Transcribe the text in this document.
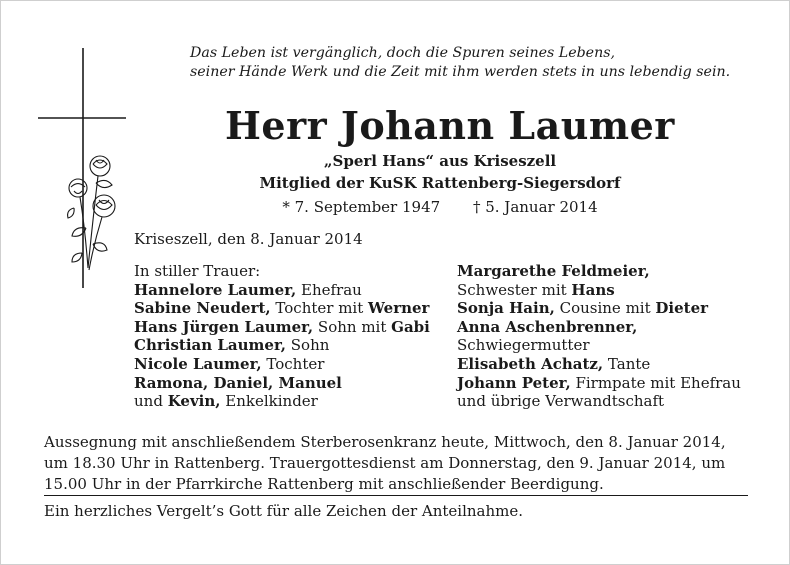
Das Leben ist vergänglich, doch die Spuren seines Lebens,
seiner Hände Werk und die Zeit mit ihm werden stets in uns lebendig sein.
Herr Johann Laumer
„Sperl Hans“ aus Kriseszell
Mitglied der KuSK Rattenberg-Siegersdorf
* 7. September 1947 † 5. Januar 2014
Kriseszell, den 8. Januar 2014
In stiller Trauer:
Hannelore Laumer, Ehefrau
Sabine Neudert, Tochter mit Werner
Hans Jürgen Laumer, Sohn mit Gabi
Christian Laumer, Sohn
Nicole Laumer, Tochter
Ramona, Daniel, Manuel
und Kevin, Enkelkinder
Margarethe Feldmeier,
Schwester mit Hans
Sonja Hain, Cousine mit Dieter
Anna Aschenbrenner,
Schwiegermutter
Elisabeth Achatz, Tante
Johann Peter, Firmpate mit Ehefrau
und übrige Verwandtschaft
Aussegnung mit anschließendem Sterberosenkranz heute, Mittwoch, den 8. Januar 2014,
um 18.30 Uhr in Rattenberg. Trauergottesdienst am Donnerstag, den 9. Januar 2014, um
15.00 Uhr in der Pfarrkirche Rattenberg mit anschließender Beerdigung.
Ein herzliches Vergelt’s Gott für alle Zeichen der Anteilnahme.
